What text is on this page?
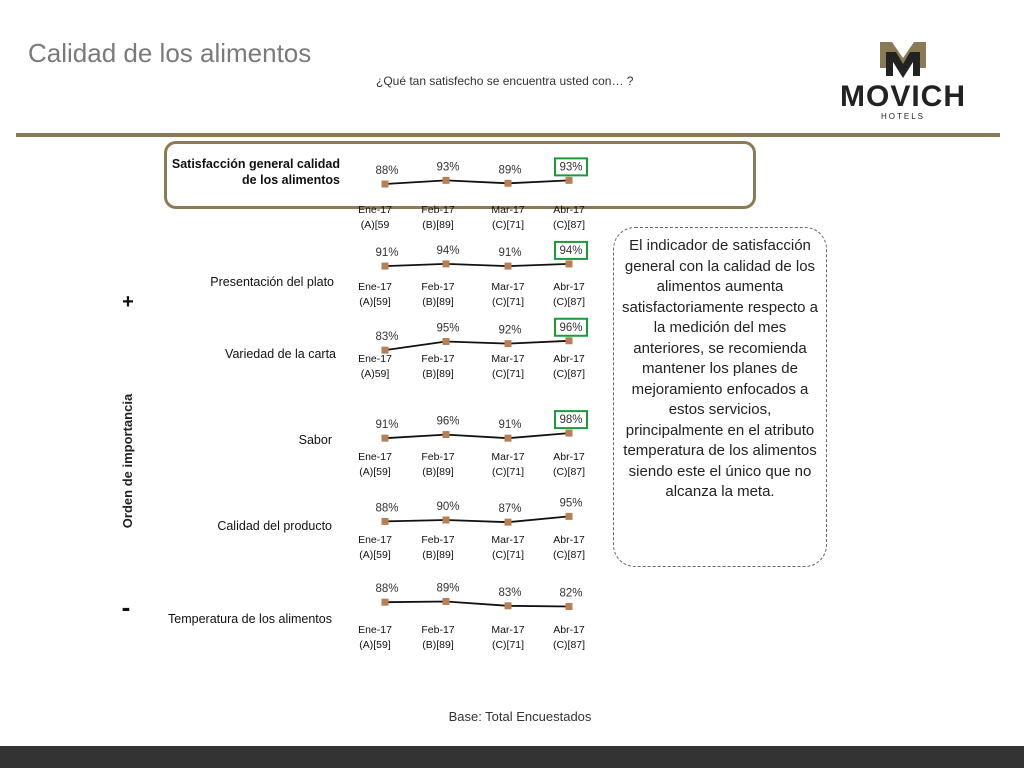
Calidad de los alimentos
¿Qué tan satisfecho se encuentra usted con… ?	MOVICH
HOTELS
Satisfacción general calidad
de los alimentos
Presentación del plato
Variedad de la carta
Sabor
Calidad del producto
Temperatura de los alimentos
Orden de importancia
+
-
88%
Ene-17
(A)[59
93%
Feb-17
(B)[89]
89%
Mar-17
(C)[71]
93%
Abr-17
(C)[87]
91%
Ene-17
(A)[59]
94%
Feb-17
(B)[89]
91%
Mar-17
(C)[71]
94%
Abr-17
(C)[87]
83%
Ene-17
(A)59]
95%
Feb-17
(B)[89]
92%
Mar-17
(C)[71]
96%
Abr-17
(C)[87]
91%
Ene-17
(A)[59]
96%
Feb-17
(B)[89]
91%
Mar-17
(C)[71]
98%
Abr-17
(C)[87]
88%
Ene-17
(A)[59]
90%
Feb-17
(B)[89]
87%
Mar-17
(C)[71]
95%
Abr-17
(C)[87]
88%
Ene-17
(A)[59]
89%
Feb-17
(B)[89]
83%
Mar-17
(C)[71]
82%
Abr-17
(C)[87]
El indicador de satisfacción general con la calidad de los alimentos aumenta satisfactoriamente respecto a la medición del mes anteriores, se recomienda mantener los planes de mejoramiento enfocados a estos servicios, principalmente en el atributo temperatura de los alimentos siendo este el único que no alcanza la meta.
Base: Total Encuestados
